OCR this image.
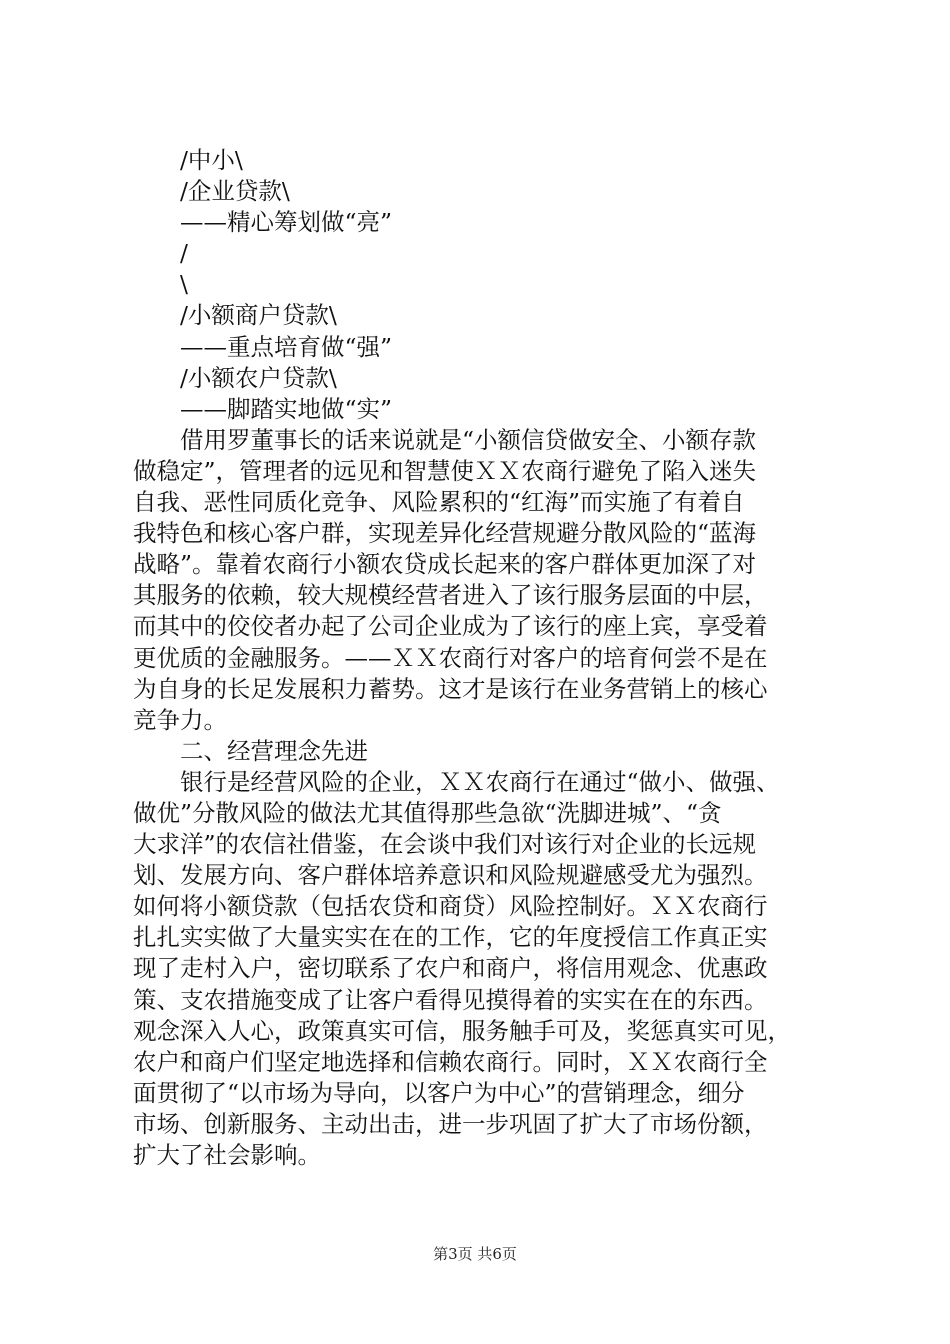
/中小\
/企业贷款\
——精心筹划做“亮”
/
\
/小额商户贷款\
——重点培育做“强”
/小额农户贷款\
——脚踏实地做“实”
借用罗董事长的话来说就是“小额信贷做安全、小额存款
做稳定”，管理者的远见和智慧使ＸＸ农商行避免了陷入迷失
自我、恶性同质化竞争、风险累积的“红海”而实施了有着自
我特色和核心客户群，实现差异化经营规避分散风险的“蓝海
战略”。靠着农商行小额农贷成长起来的客户群体更加深了对
其服务的依赖，较大规模经营者进入了该行服务层面的中层，
而其中的佼佼者办起了公司企业成为了该行的座上宾，享受着
更优质的金融服务。——ＸＸ农商行对客户的培育何尝不是在
为自身的长足发展积力蓄势。这才是该行在业务营销上的核心
竞争力。
二、经营理念先进
银行是经营风险的企业，ＸＸ农商行在通过“做小、做强、
做优”分散风险的做法尤其值得那些急欲“洗脚进城”、“贪
大求洋”的农信社借鉴，在会谈中我们对该行对企业的长远规
划、发展方向、客户群体培养意识和风险规避感受尤为强烈。
如何将小额贷款（包括农贷和商贷）风险控制好。ＸＸ农商行
扎扎实实做了大量实实在在的工作，它的年度授信工作真正实
现了走村入户，密切联系了农户和商户，将信用观念、优惠政
策、支农措施变成了让客户看得见摸得着的实实在在的东西。
观念深入人心，政策真实可信，服务触手可及，奖惩真实可见，
农户和商户们坚定地选择和信赖农商行。同时，ＸＸ农商行全
面贯彻了“以市场为导向，以客户为中心”的营销理念，细分
市场、创新服务、主动出击，进一步巩固了扩大了市场份额，
扩大了社会影响。
第3页 共6页
